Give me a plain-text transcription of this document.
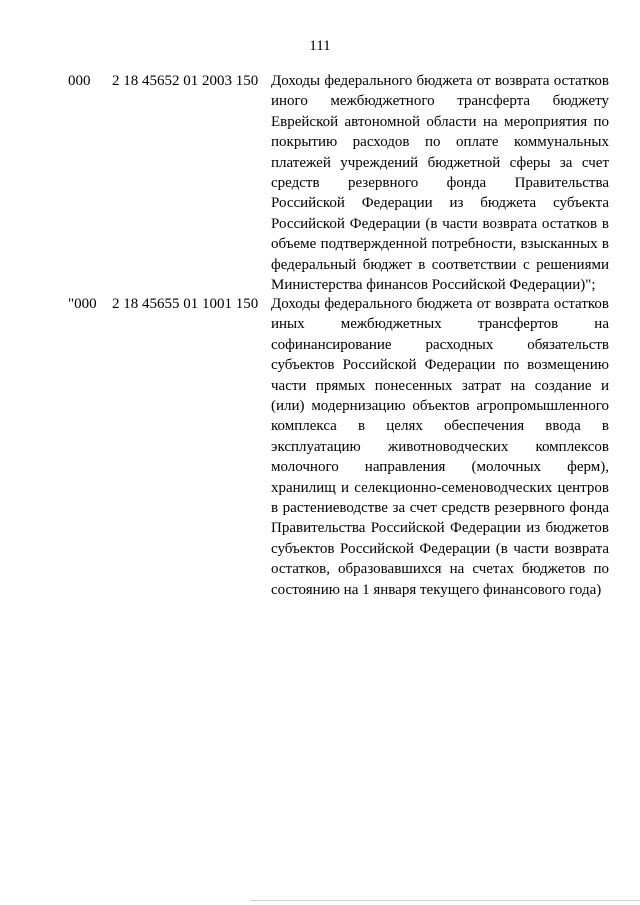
111
000 2 18 45652 01 2003 150 Доходы федерального бюджета от возврата остатков иного межбюджетного трансферта бюджету Еврейской автономной области на мероприятия по покрытию расходов по оплате коммунальных платежей учреждений бюджетной сферы за счет средств резервного фонда Правительства Российской Федерации из бюджета субъекта Российской Федерации (в части возврата остатков в объеме подтвержденной потребности, взысканных в федеральный бюджет в соответствии с решениями Министерства финансов Российской Федерации)";
"000 2 18 45655 01 1001 150 Доходы федерального бюджета от возврата остатков иных межбюджетных трансфертов на софинансирование расходных обязательств субъектов Российской Федерации по возмещению части прямых понесенных затрат на создание и (или) модернизацию объектов агропромышленного комплекса в целях обеспечения ввода в эксплуатацию животноводческих комплексов молочного направления (молочных ферм), хранилищ и селекционно-семеноводческих центров в растениеводстве за счет средств резервного фонда Правительства Российской Федерации из бюджетов субъектов Российской Федерации (в части возврата остатков, образовавшихся на счетах бюджетов по состоянию на 1 января текущего финансового года)
